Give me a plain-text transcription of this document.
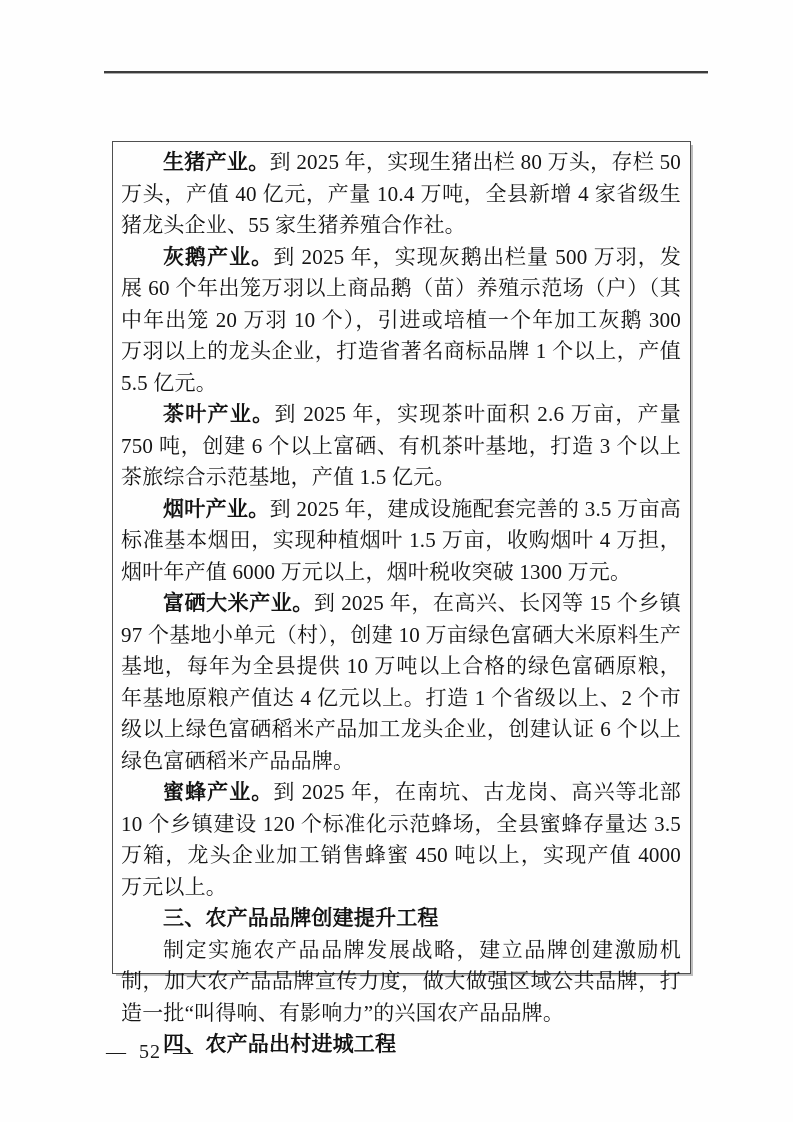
生猪产业。到 2025 年，实现生猪出栏 80 万头，存栏 50 万头，产值 40 亿元，产量 10.4 万吨，全县新增 4 家省级生猪龙头企业、55 家生猪养殖合作社。

灰鹅产业。到 2025 年，实现灰鹅出栏量 500 万羽，发展 60 个年出笼万羽以上商品鹅（苗）养殖示范场（户）（其中年出笼 20 万羽 10 个），引进或培植一个年加工灰鹅 300 万羽以上的龙头企业，打造省著名商标品牌 1 个以上，产值 5.5 亿元。

茶叶产业。到 2025 年，实现茶叶面积 2.6 万亩，产量 750 吨，创建 6 个以上富硒、有机茶叶基地，打造 3 个以上茶旅综合示范基地，产值 1.5 亿元。

烟叶产业。到 2025 年，建成设施配套完善的 3.5 万亩高标准基本烟田，实现种植烟叶 1.5 万亩，收购烟叶 4 万担，烟叶年产值 6000 万元以上，烟叶税收突破 1300 万元。

富硒大米产业。到 2025 年，在高兴、长冈等 15 个乡镇 97 个基地小单元（村），创建 10 万亩绿色富硒大米原料生产基地，每年为全县提供 10 万吨以上合格的绿色富硒原粮，年基地原粮产值达 4 亿元以上。打造 1 个省级以上、2 个市级以上绿色富硒稻米产品加工龙头企业，创建认证 6 个以上绿色富硒稻米产品品牌。

蜜蜂产业。到 2025 年，在南坑、古龙岗、高兴等北部 10 个乡镇建设 120 个标准化示范蜂场，全县蜜蜂存量达 3.5 万箱，龙头企业加工销售蜂蜜 450 吨以上，实现产值 4000 万元以上。

三、农产品品牌创建提升工程

制定实施农产品品牌发展战略，建立品牌创建激励机制，加大农产品品牌宣传力度，做大做强区域公共品牌，打造一批“叫得响、有影响力”的兴国农产品品牌。

四、农产品出村进城工程

— 52 —
